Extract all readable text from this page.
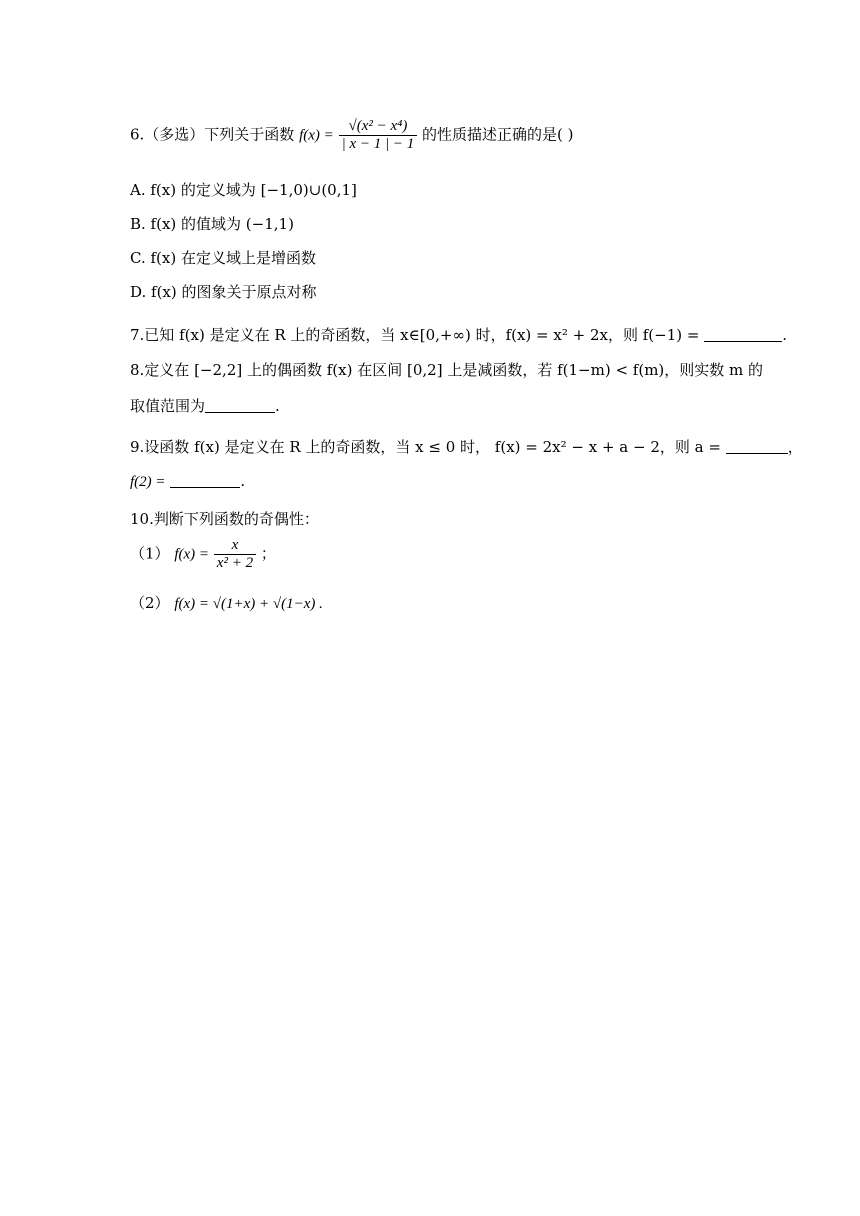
6.（多选）下列关于函数 $f(x) = \frac{\text{√(x² − x⁴)}}{| x - 1 | - 1}$ 的性质描述正确的是( )
A. f(x) 的定义域为 [−1,0)∪(0,1]
B. f(x) 的值域为 (−1,1)
C. f(x) 在定义域上是增函数
D. f(x) 的图象关于原点对称
7.已知 f(x) 是定义在 R 上的奇函数，当 x∈[0,+∞) 时，f(x) = x² + 2x，则 f(−1) =	.
8.定义在 [−2,2] 上的偶函数 f(x) 在区间 [0,2] 上是减函数，若 f(1−m) < f(m)，则实数 m 的
取值范围为	.
9.设函数 f(x) 是定义在 R 上的奇函数，当 x ≤ 0 时， f(x) = 2x² − x + a − 2，则 a =	，
f(2) =	.
10.判断下列函数的奇偶性：
（1） $f(x) = \frac{x}{\text{x² + 2}}$ ；
（2） f(x) = √(1+x) + √(1−x) .
